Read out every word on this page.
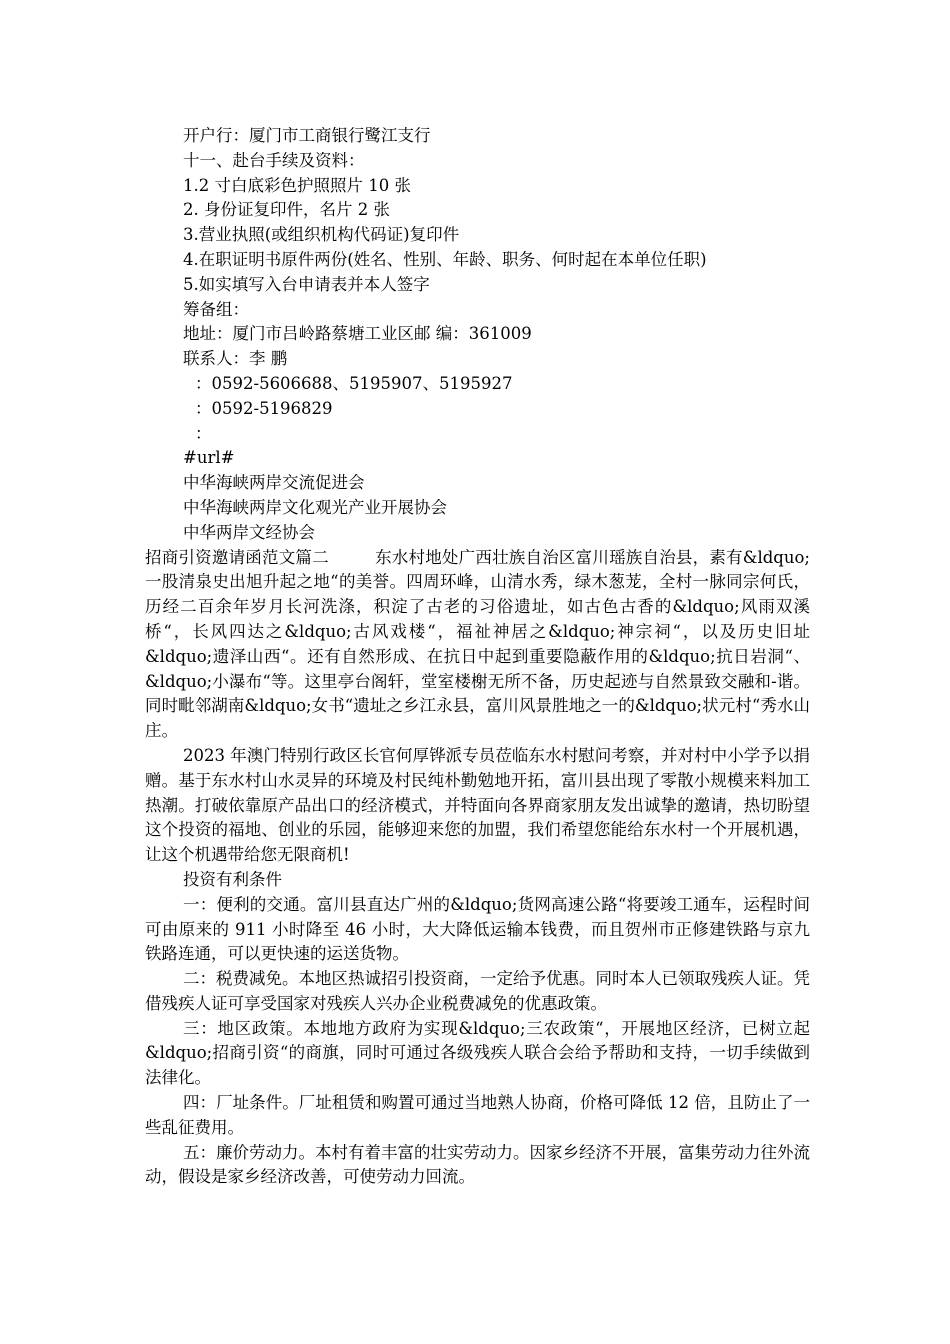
开户行：厦门市工商银行鹭江支行

十一、赴台手续及资料：

1.2 寸白底彩色护照照片 10 张

2. 身份证复印件，名片 2 张

3.营业执照(或组织机构代码证)复印件

4.在职证明书原件两份(姓名、性别、年龄、职务、何时起在本单位任职)

5.如实填写入台申请表并本人签字

筹备组：

地址：厦门市吕岭路蔡塘工业区邮 编：361009

联系人：李 鹏

：0592-5606688、5195907、5195927

：0592-5196829

：

#url#

中华海峡两岸交流促进会

中华海峡两岸文化观光产业开展协会

中华两岸文经协会

招商引资邀请函范文篇二	东水村地处广西壮族自治区富川瑶族自治县，素有&ldquo;一股清泉史出旭升起之地“的美誉。四周环峰，山清水秀，绿木葱茏，全村一脉同宗何氏，历经二百余年岁月长河洗涤，积淀了古老的习俗遗址，如古色古香的&ldquo;风雨双溪桥“，长风四达之&ldquo;古风戏楼“，福祉神居之&ldquo;神宗祠“，以及历史旧址&ldquo;遗泽山西“。还有自然形成、在抗日中起到重要隐蔽作用的&ldquo;抗日岩洞“、&ldquo;小瀑布“等。这里亭台阁轩，堂室楼榭无所不备，历史起迹与自然景致交融和-谐。同时毗邻湖南&ldquo;女书“遗址之乡江永县，富川风景胜地之一的&ldquo;状元村“秀水山庄。

2023 年澳门特别行政区长官何厚铧派专员莅临东水村慰问考察，并对村中小学予以捐赠。基于东水村山水灵异的环境及村民纯朴勤勉地开拓，富川县出现了零散小规模来料加工热潮。打破依靠原产品出口的经济模式，并特面向各界商家朋友发出诚挚的邀请，热切盼望这个投资的福地、创业的乐园，能够迎来您的加盟，我们希望您能给东水村一个开展机遇，让这个机遇带给您无限商机!

投资有利条件

一：便利的交通。富川县直达广州的&ldquo;货网高速公路“将要竣工通车，运程时间可由原来的 911 小时降至 46 小时，大大降低运输本钱费，而且贺州市正修建铁路与京九铁路连通，可以更快速的运送货物。

二：税费减免。本地区热诚招引投资商，一定给予优惠。同时本人已领取残疾人证。凭借残疾人证可享受国家对残疾人兴办企业税费减免的优惠政策。

三：地区政策。本地地方政府为实现&ldquo;三农政策“，开展地区经济，已树立起&ldquo;招商引资“的商旗，同时可通过各级残疾人联合会给予帮助和支持，一切手续做到法律化。

四：厂址条件。厂址租赁和购置可通过当地熟人协商，价格可降低 12 倍，且防止了一些乱征费用。

五：廉价劳动力。本村有着丰富的壮实劳动力。因家乡经济不开展，富集劳动力往外流动，假设是家乡经济改善，可使劳动力回流。
